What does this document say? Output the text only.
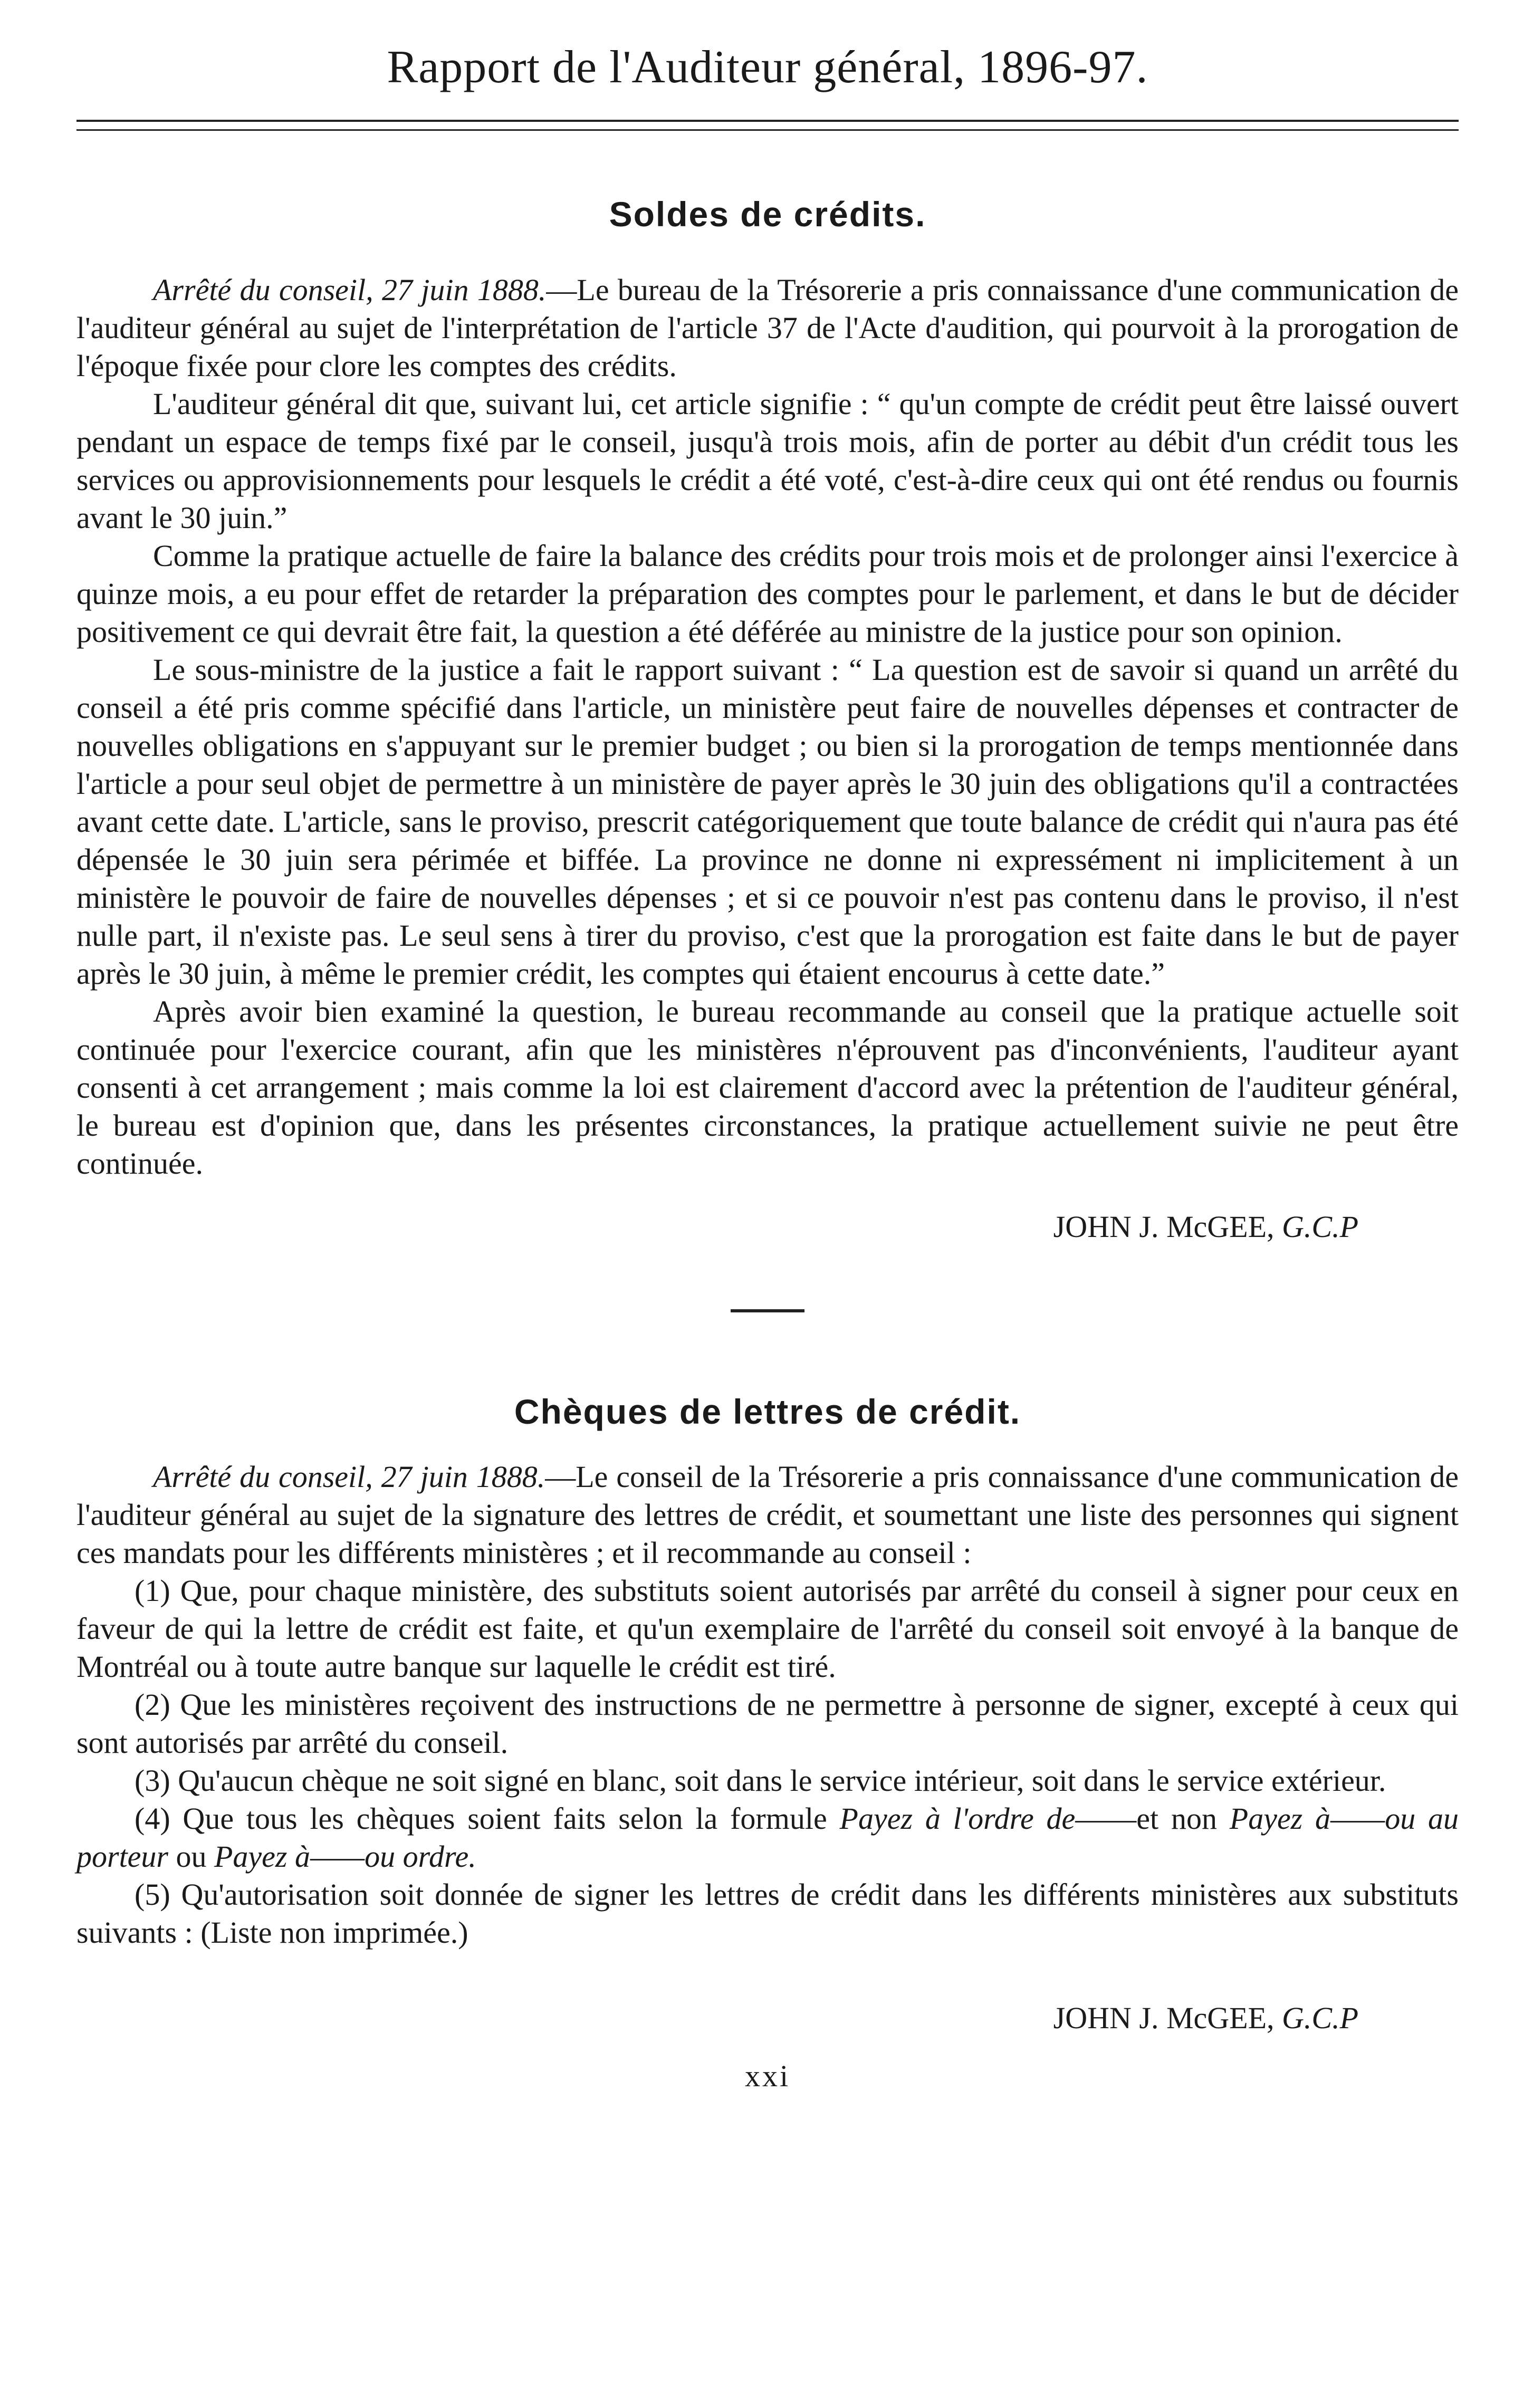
Rapport de l'Auditeur général, 1896-97.
Soldes de crédits.

Arrêté du conseil, 27 juin 1888.—Le bureau de la Trésorerie a pris connaissance d'une communication de l'auditeur général au sujet de l'interprétation de l'article 37 de l'Acte d'audition, qui pourvoit à la prorogation de l'époque fixée pour clore les comptes des crédits.

L'auditeur général dit que, suivant lui, cet article signifie : “ qu'un compte de crédit peut être laissé ouvert pendant un espace de temps fixé par le conseil, jusqu'à trois mois, afin de porter au débit d'un crédit tous les services ou approvisionnements pour lesquels le crédit a été voté, c'est-à-dire ceux qui ont été rendus ou fournis avant le 30 juin.”

Comme la pratique actuelle de faire la balance des crédits pour trois mois et de prolonger ainsi l'exercice à quinze mois, a eu pour effet de retarder la préparation des comptes pour le parlement, et dans le but de décider positivement ce qui devrait être fait, la question a été déférée au ministre de la justice pour son opinion.

Le sous-ministre de la justice a fait le rapport suivant : “ La question est de savoir si quand un arrêté du conseil a été pris comme spécifié dans l'article, un ministère peut faire de nouvelles dépenses et contracter de nouvelles obligations en s'appuyant sur le premier budget ; ou bien si la prorogation de temps mentionnée dans l'article a pour seul objet de permettre à un ministère de payer après le 30 juin des obligations qu'il a contractées avant cette date. L'article, sans le proviso, prescrit catégoriquement que toute balance de crédit qui n'aura pas été dépensée le 30 juin sera périmée et biffée. La province ne donne ni expressément ni implicitement à un ministère le pouvoir de faire de nouvelles dépenses ; et si ce pouvoir n'est pas contenu dans le proviso, il n'est nulle part, il n'existe pas. Le seul sens à tirer du proviso, c'est que la prorogation est faite dans le but de payer après le 30 juin, à même le premier crédit, les comptes qui étaient encourus à cette date.”

Après avoir bien examiné la question, le bureau recommande au conseil que la pratique actuelle soit continuée pour l'exercice courant, afin que les ministères n'éprouvent pas d'inconvénients, l'auditeur ayant consenti à cet arrangement ; mais comme la loi est clairement d'accord avec la prétention de l'auditeur général, le bureau est d'opinion que, dans les présentes circonstances, la pratique actuellement suivie ne peut être continuée.

JOHN J. McGEE, G.C.P

Chèques de lettres de crédit.

Arrêté du conseil, 27 juin 1888.—Le conseil de la Trésorerie a pris connaissance d'une communication de l'auditeur général au sujet de la signature des lettres de crédit, et soumettant une liste des personnes qui signent ces mandats pour les différents ministères ; et il recommande au conseil :

(1) Que, pour chaque ministère, des substituts soient autorisés par arrêté du conseil à signer pour ceux en faveur de qui la lettre de crédit est faite, et qu'un exemplaire de l'arrêté du conseil soit envoyé à la banque de Montréal ou à toute autre banque sur laquelle le crédit est tiré.

(2) Que les ministères reçoivent des instructions de ne permettre à personne de signer, excepté à ceux qui sont autorisés par arrêté du conseil.

(3) Qu'aucun chèque ne soit signé en blanc, soit dans le service intérieur, soit dans le service extérieur.

(4) Que tous les chèques soient faits selon la formule Payez à l'ordre de——et non Payez à——ou au porteur ou Payez à——ou ordre.

(5) Qu'autorisation soit donnée de signer les lettres de crédit dans les différents ministères aux substituts suivants : (Liste non imprimée.)

JOHN J. McGEE, G.C.P

xxi
